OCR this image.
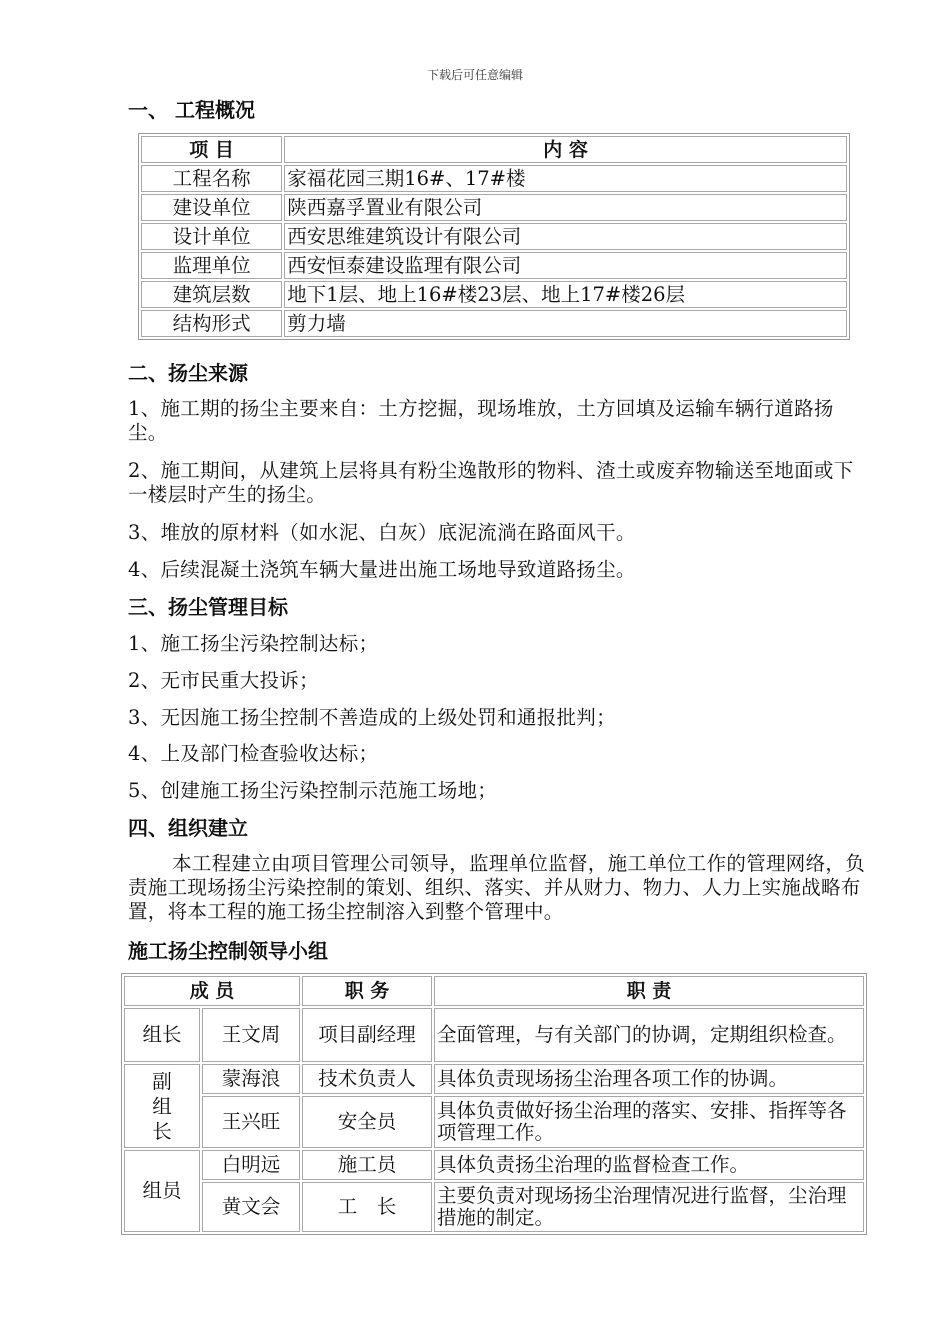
下载后可任意编辑
一、 工程概况
项 目	内 容
工程名称	家福花园三期16#、17#楼
建设单位	陕西嘉孚置业有限公司
设计单位	西安思维建筑设计有限公司
监理单位	西安恒泰建设监理有限公司
建筑层数	地下1层、地上16#楼23层、地上17#楼26层
结构形式	剪力墙
二、扬尘来源
1、施工期的扬尘主要来自：土方挖掘，现场堆放，土方回填及运输车辆行道路扬尘。
2、施工期间，从建筑上层将具有粉尘逸散形的物料、渣土或废弃物输送至地面或下一楼层时产生的扬尘。
3、堆放的原材料（如水泥、白灰）底泥流淌在路面风干。
4、后续混凝土浇筑车辆大量进出施工场地导致道路扬尘。
三、扬尘管理目标
1、施工扬尘污染控制达标；
2、无市民重大投诉；
3、无因施工扬尘控制不善造成的上级处罚和通报批判；
4、上及部门检查验收达标；
5、创建施工扬尘污染控制示范施工场地；
四、组织建立
本工程建立由项目管理公司领导，监理单位监督，施工单位工作的管理网络，负责施工现场扬尘污染控制的策划、组织、落实、并从财力、物力、人力上实施战略布置，将本工程的施工扬尘控制溶入到整个管理中。
施工扬尘控制领导小组
成 员		职 务	职 责
组长	王文周	项目副经理	全面管理，与有关部门的协调，定期组织检查。

副组长	蒙海浪	技术负责人	具体负责现场扬尘治理各项工作的协调。
	王兴旺	安全员	具体负责做好扬尘治理的落实、安排、指挥等各项管理工作。
组员	白明远	施工员	具体负责扬尘治理的监督检查工作。
	黄文会	工　长	主要负责对现场扬尘治理情况进行监督，尘治理措施的制定。
